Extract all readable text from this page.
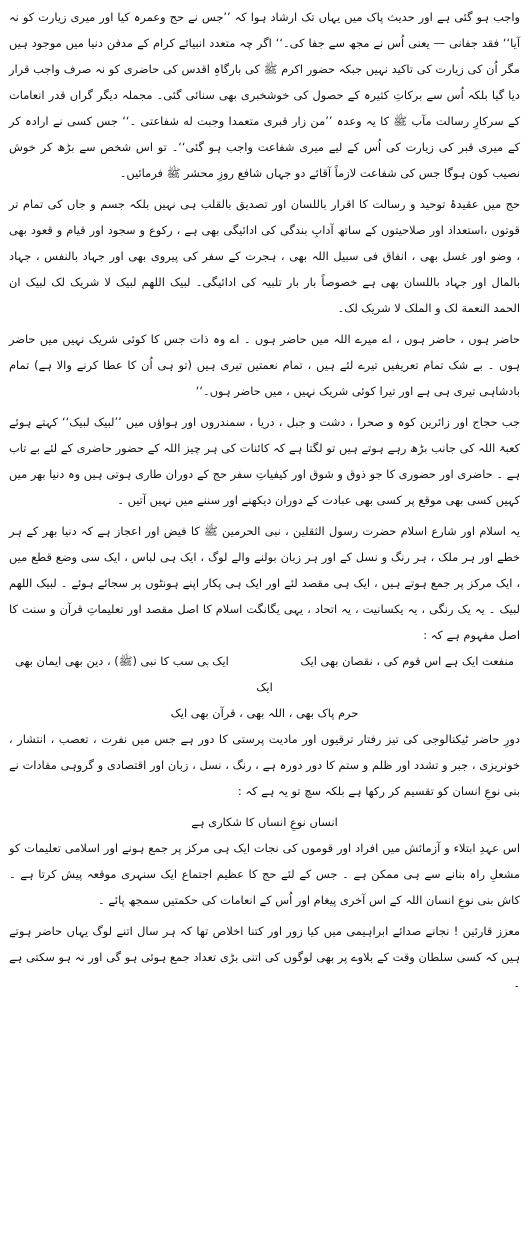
واجب ہو گئی ہے اور حدیث پاک میں یہاں تک ارشاد ہوا کہ ’’جس نے حج وعمرہ کیا اور میری زیارت کو نہ آیا‘‘ فقد جفانی — یعنی اُس نے مجھ سے جفا کی۔‘‘ اگر چہ متعدد انبیائے کرام کے مدفن دنیا میں موجود ہیں مگر اُن کی زیارت کی تاکید نہیں جبکہ حضور اکرم ﷺ کی بارگاہِ اقدس کی حاضری کو نہ صرف واجب قرار دیا گیا بلکہ اُس سے برکاتِ کثیرہ کے حصول کی خوشخبری بھی سنائی گئی۔ مجملہ دیگر گراں قدر انعامات کے سرکارِ رسالت مآب ﷺ کا یہ وعدہ ’’من زار قبری متعمدا وجبت له شفاعتی ۔‘‘ جس کسی نے ارادہ کر کے میری قبر کی زیارت کی اُس کے لیے میری شفاعت واجب ہو گئی‘‘۔ تو اس شخص سے بڑھ کر خوش نصیب کون ہوگا جس کی شفاعت لازماً آقائے دو جہاں شافع روزِ محشر ﷺ فرمائیں۔

حج میں عقیدۂ توحید و رسالت کا اقرار باللسان اور تصدیق بالقلب ہی نہیں بلکہ جسم و جاں کی تمام تر قوتوں ،استعداد اور صلاحیتوں کے ساتھ آدابِ بندگی کی ادائیگی بھی ہے ، رکوع و سجود اور قیام و قعود بھی ، وضو اور غسل بھی ، انفاق فی سبیل اللہ بھی ، ہجرت کے سفر کی پیروی بھی اور جہاد بالنفس ، جہاد بالمال اور جہاد باللسان بھی ہے خصوصاً بار بار تلبیہ کی ادائیگی۔ لبیک اللھم لبیک لا شریک لک لبیک ان الحمد النعمة لک و الملک لا شریک لک۔

حاضر ہوں ، حاضر ہوں ، اے میرے اللہ میں حاضر ہوں ۔ اے وہ ذات جس کا کوئی شریک نہیں میں حاضر ہوں ۔ بے شک تمام تعریفیں تیرے لئے ہیں ، تمام نعمتیں تیری ہیں (تو ہی اُن کا عطا کرنے والا ہے) تمام بادشاہی تیری ہی ہے اور تیرا کوئی شریک نہیں ، میں حاضر ہوں۔‘‘

جب حجاج اور زائرین کوہ و صحرا ، دشت و جبل ، دریا ، سمندروں اور ہواؤں میں ’’لبیک لبیک‘‘ کہتے ہوئے کعبۃ اللہ کی جانب بڑھ رہے ہوتے ہیں تو لگتا ہے کہ کائنات کی ہر چیز اللہ کے حضور حاضری کے لئے بے تاب ہے ۔ حاضری اور حضوری کا جو ذوق و شوق اور کیفیاتِ سفر حج کے دوران طاری ہوتی ہیں وہ دنیا بھر میں کہیں کسی بھی موقع پر کسی بھی عبادت کے دوران دیکھنے اور سننے میں نہیں آتیں ۔

یہ اسلام اور شارع اسلام حضرت رسول الثقلین ، نبی الحرمین ﷺ کا فیض اور اعجاز ہے کہ دنیا بھر کے ہر خطے اور ہر ملک ، ہر رنگ و نسل کے اور ہر زبان بولنے والے لوگ ، ایک ہی لباس ، ایک سی وضع قطع میں ، ایک مرکز پر جمع ہوتے ہیں ، ایک ہی مقصد لئے اور ایک ہی پکار اپنے ہونٹوں پر سجائے ہوئے ۔ لبیک اللھم لبیک ۔ یہ یک رنگی ، یہ یکسانیت ، یہ اتحاد ، یہی یگانگت اسلام کا اصل مقصد اور تعلیماتِ قرآن و سنت کا اصل مفہوم ہے کہ :

منفعت ایک ہے اس قوم کی ، نقصان بھی ایک
ایک ہی سب کا نبی (ﷺ) ، دین بھی ایمان بھی

ایک

حرم پاک بھی ، اللہ بھی ، قرآن بھی ایک

دورِ حاضر ٹیکنالوجی کی تیز رفتار ترقیوں اور مادیت پرستی کا دور ہے جس میں نفرت ، تعصب ، انتشار ، خونریزی ، جبر و تشدد اور ظلم و ستم کا دور دورہ ہے ، رنگ ، نسل ، زبان اور اقتصادی و گروہی مفادات نے بنی نوعِ انسان کو تقسیم کر رکھا ہے بلکہ سچ تو یہ ہے کہ :

انساں نوعِ انساں کا شکاری ہے

اس عہدِ ابتلاء و آزمائش میں افراد اور قوموں کی نجات ایک ہی مرکز پر جمع ہونے اور اسلامی تعلیمات کو مشعلِ راہ بنانے سے ہی ممکن ہے ۔ جس کے لئے حج کا عظیم اجتماع ایک سنہری موقعہ پیش کرتا ہے ۔ کاش بنی نوعِ انسان اللہ کے اس آخری پیغام اور اُس کے انعامات کی حکمتیں سمجھ پائے ۔

معزز قارئین ! نجانے صدائے ابراہیمی میں کیا زور اور کتنا اخلاص تھا کہ ہر سال اتنے لوگ یہاں حاضر ہوتے ہیں کہ کسی سلطان وقت کے بلاوے پر بھی لوگوں کی اتنی بڑی تعداد جمع ہوئی ہو گی اور نہ ہو سکتی ہے ۔
